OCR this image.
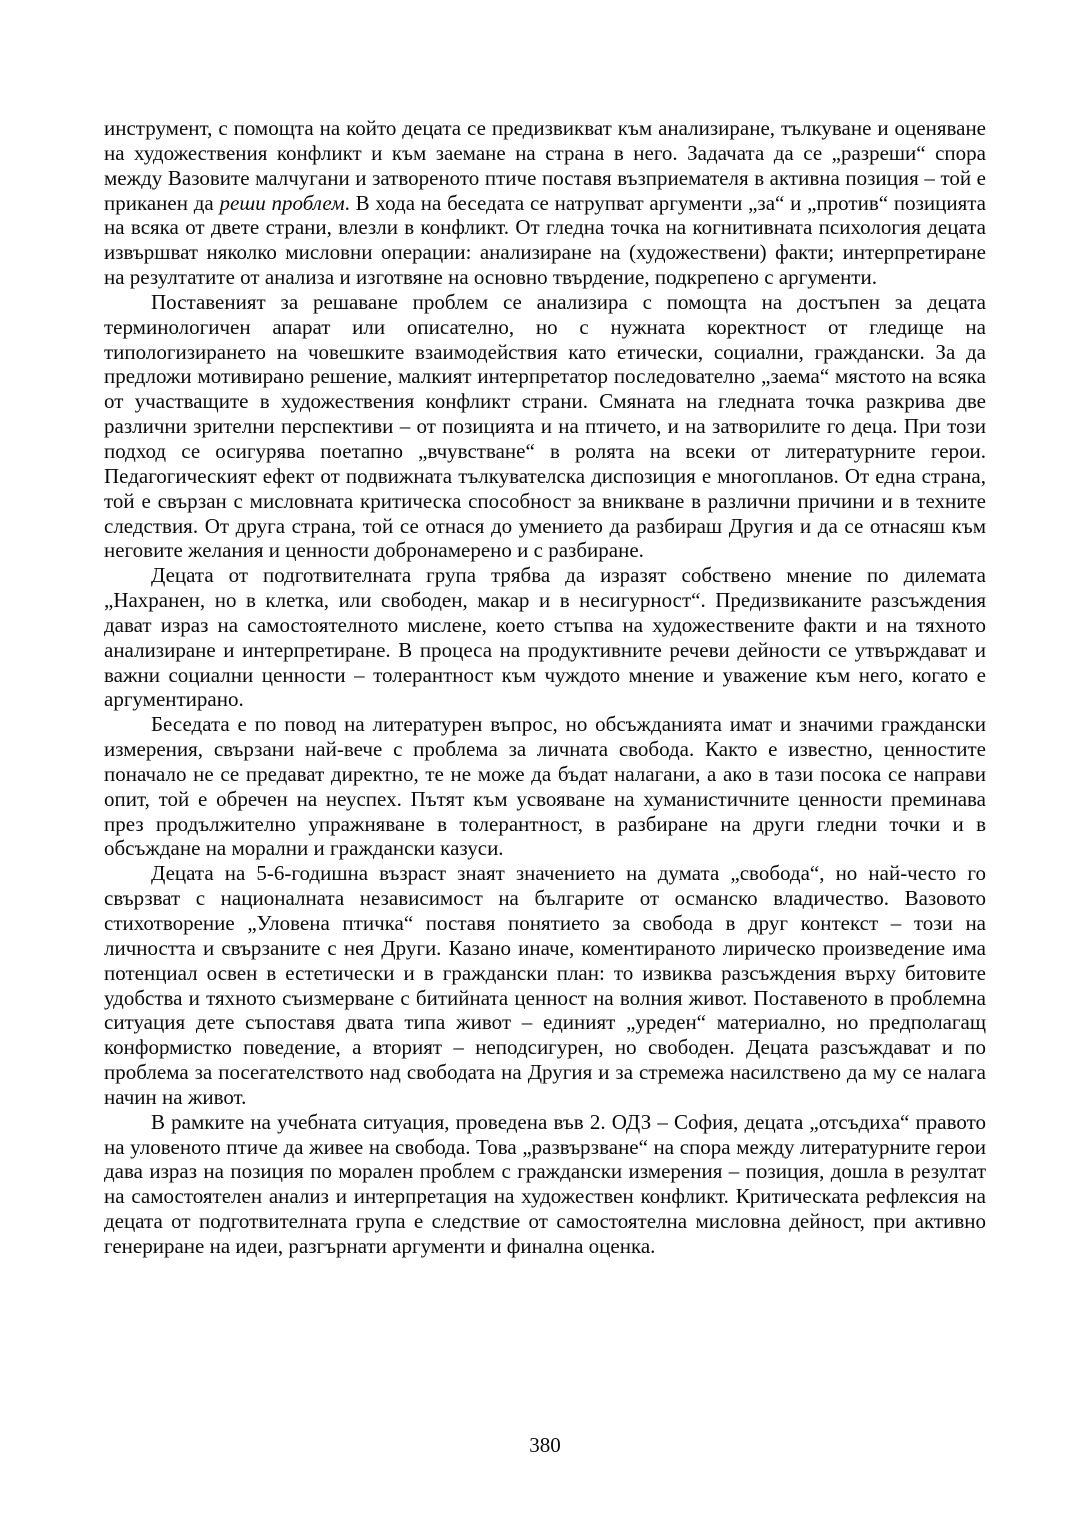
инструмент, с помощта на който децата се предизвикват към анализиране, тълкуване и оценяване на художествения конфликт и към заемане на страна в него. Задачата да се „разреши“ спора между Вазовите малчугани и затвореното птиче поставя възприемателя в активна позиция – той е приканен да реши проблем. В хода на беседата се натрупват аргументи „за“ и „против“ позицията на всяка от двете страни, влезли в конфликт. От гледна точка на когнитивната психология децата извършват няколко мисловни операции: анализиране на (художествени) факти; интерпретиране на резултатите от анализа и изготвяне на основно твърдение, подкрепено с аргументи.

Поставеният за решаване проблем се анализира с помощта на достъпен за децата терминологичен апарат или описателно, но с нужната коректност от гледище на типологизирането на човешките взаимодействия като етически, социални, граждански. За да предложи мотивирано решение, малкият интерпретатор последователно „заема“ мястото на всяка от участващите в художествения конфликт страни. Смяната на гледната точка разкрива две различни зрителни перспективи – от позицията и на птичето, и на затворилите го деца. При този подход се осигурява поетапно „вчувстване“ в ролята на всеки от литературните герои. Педагогическият ефект от подвижната тълкувателска диспозиция е многопланов. От една страна, той е свързан с мисловната критическа способност за вникване в различни причини и в техните следствия. От друга страна, той се отнася до умението да разбираш Другия и да се отнасяш към неговите желания и ценности добронамерено и с разбиране.

Децата от подготвителната група трябва да изразят собствено мнение по дилемата „Нахранен, но в клетка, или свободен, макар и в несигурност“. Предизвиканите разсъждения дават израз на самостоятелното мислене, което стъпва на художествените факти и на тяхното анализиране и интерпретиране. В процеса на продуктивните речеви дейности се утвърждават и важни социални ценности – толерантност към чуждото мнение и уважение към него, когато е аргументирано.

Беседата е по повод на литературен въпрос, но обсъжданията имат и значими граждански измерения, свързани най-вече с проблема за личната свобода. Както е известно, ценностите поначало не се предават директно, те не може да бъдат налагани, а ако в тази посока се направи опит, той е обречен на неуспех. Пътят към усвояване на хуманистичните ценности преминава през продължително упражняване в толерантност, в разбиране на други гледни точки и в обсъждане на морални и граждански казуси.

Децата на 5-6-годишна възраст знаят значението на думата „свобода“, но най-често го свързват с националната независимост на българите от османско владичество. Вазовото стихотворение „Уловена птичка“ поставя понятието за свобода в друг контекст – този на личността и свързаните с нея Други. Казано иначе, коментираното лирическо произведение има потенциал освен в естетически и в граждански план: то извиква разсъждения върху битовите удобства и тяхното съизмерване с битийната ценност на волния живот. Поставеното в проблемна ситуация дете съпоставя двата типа живот – единият „уреден“ материално, но предполагащ конформистко поведение, а вторият – неподсигурен, но свободен. Децата разсъждават и по проблема за посегателството над свободата на Другия и за стремежа насилствено да му се налага начин на живот.

В рамките на учебната ситуация, проведена във 2. ОДЗ – София, децата „отсъдиха“ правото на уловеното птиче да живее на свобода. Това „развързване“ на спора между литературните герои дава израз на позиция по морален проблем с граждански измерения – позиция, дошла в резултат на самостоятелен анализ и интерпретация на художествен конфликт. Критическата рефлексия на децата от подготвителната група е следствие от самостоятелна мисловна дейност, при активно генериране на идеи, разгърнати аргументи и финална оценка.

380
